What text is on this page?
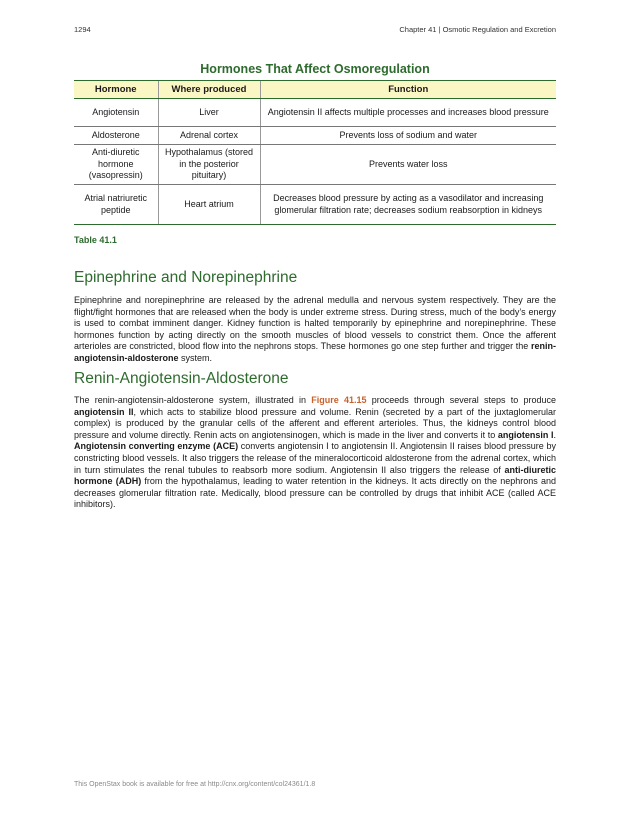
1294	Chapter 41 | Osmotic Regulation and Excretion
Hormones That Affect Osmoregulation
Hormone	Where produced	Function
Angiotensin	Liver	Angiotensin II affects multiple processes and increases blood pressure
Aldosterone	Adrenal cortex	Prevents loss of sodium and water
Anti-diuretic hormone (vasopressin)	Hypothalamus (stored in the posterior pituitary)	Prevents water loss
Atrial natriuretic peptide	Heart atrium	Decreases blood pressure by acting as a vasodilator and increasing glomerular filtration rate; decreases sodium reabsorption in kidneys
Table 41.1
Epinephrine and Norepinephrine

Epinephrine and norepinephrine are released by the adrenal medulla and nervous system respectively. They are the flight/fight hormones that are released when the body is under extreme stress. During stress, much of the body’s energy is used to combat imminent danger. Kidney function is halted temporarily by epinephrine and norepinephrine. These hormones function by acting directly on the smooth muscles of blood vessels to constrict them. Once the afferent arterioles are constricted, blood flow into the nephrons stops. These hormones go one step further and trigger the renin-angiotensin-aldosterone system.

Renin-Angiotensin-Aldosterone

The renin-angiotensin-aldosterone system, illustrated in Figure 41.15 proceeds through several steps to produce angiotensin II, which acts to stabilize blood pressure and volume. Renin (secreted by a part of the juxtaglomerular complex) is produced by the granular cells of the afferent and efferent arterioles. Thus, the kidneys control blood pressure and volume directly. Renin acts on angiotensinogen, which is made in the liver and converts it to angiotensin I. Angiotensin converting enzyme (ACE) converts angiotensin I to angiotensin II. Angiotensin II raises blood pressure by constricting blood vessels. It also triggers the release of the mineralocorticoid aldosterone from the adrenal cortex, which in turn stimulates the renal tubules to reabsorb more sodium. Angiotensin II also triggers the release of anti-diuretic hormone (ADH) from the hypothalamus, leading to water retention in the kidneys. It acts directly on the nephrons and decreases glomerular filtration rate. Medically, blood pressure can be controlled by drugs that inhibit ACE (called ACE inhibitors).

This OpenStax book is available for free at http://cnx.org/content/col24361/1.8
